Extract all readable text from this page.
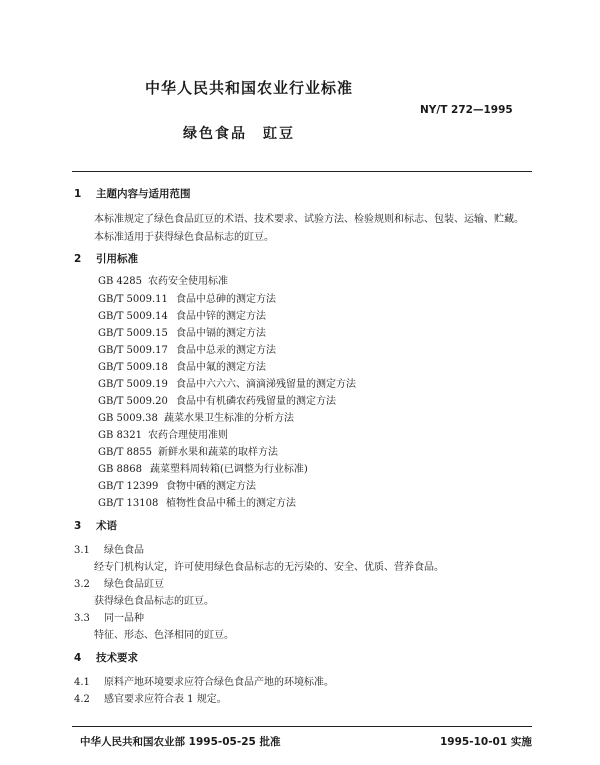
中华人民共和国农业行业标准
NY/T 272—1995
绿色食品　豇豆
1 主题内容与适用范围
本标准规定了绿色食品豇豆的术语、技术要求、试验方法、检验规则和标志、包装、运输、贮藏。
本标准适用于获得绿色食品标志的豇豆。
2 引用标准
GB 4285 农药安全使用标准
GB/T 5009.11 食品中总砷的测定方法
GB/T 5009.14 食品中锌的测定方法
GB/T 5009.15 食品中镉的测定方法
GB/T 5009.17 食品中总汞的测定方法
GB/T 5009.18 食品中氟的测定方法
GB/T 5009.19 食品中六六六、滴滴涕残留量的测定方法
GB/T 5009.20 食品中有机磷农药残留量的测定方法
GB 5009.38 蔬菜水果卫生标准的分析方法
GB 8321 农药合理使用准则
GB/T 8855 新鲜水果和蔬菜的取样方法
GB 8868 蔬菜塑料周转箱(已调整为行业标准)
GB/T 12399 食物中硒的测定方法
GB/T 13108 植物性食品中稀土的测定方法
3 术语
3.1 绿色食品
经专门机构认定，许可使用绿色食品标志的无污染的、安全、优质、营养食品。
3.2 绿色食品豇豆
获得绿色食品标志的豇豆。
3.3 同一品种
特征、形态、色泽相同的豇豆。
4 技术要求
4.1 原料产地环境要求应符合绿色食品产地的环境标准。
4.2 感官要求应符合表 1 规定。
中华人民共和国农业部 1995-05-25 批准	1995-10-01 实施
